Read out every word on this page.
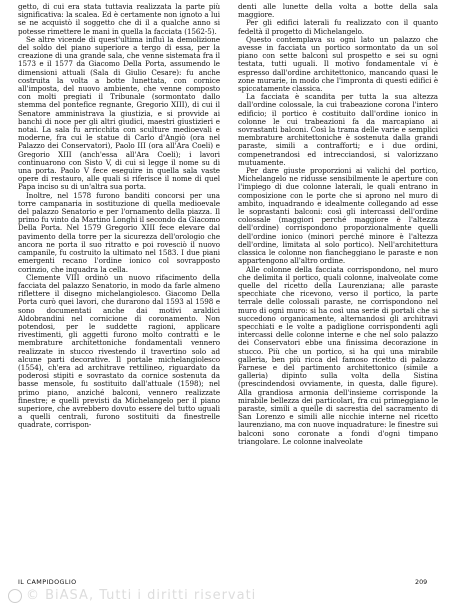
getto, di cui era stata tuttavia realizzata la parte più significativa: la scalea. Ed è certamente non ignoto a lui se ne acquistò il soggetto che di il a qualche anno si potesse rimettere le mani in quella la facciata (1562-5).

Se altre vicende di quest'ultima influì la demolizione del soldo del piano superiore a tergo di essa, per la creazione di una grande sala, che venne sistemata fra il 1573 e il 1577 da Giacomo Della Porta, assumendo le dimensioni attuali (Sala di Giulio Cesare): fu anche costruita la volta a botte lunettata, con cornice all'imposta, del nuovo ambiente, che venne composto con molti pregiati il Tribunale (sormontato dallo stemma del pontefice regnante, Gregorio XIII), di cui il Senatore amministrava la giustizia, e si provvide ai banchi di noce per gli altri giudici, maestri giustizieri e notai. La sala fu arricchita con sculture medioevali e moderne, fra cui le statue di Carlo d'Angiò (ora nel Palazzo dei Conservatori), Paolo III (ora all'Ara Coeli) e Gregorio XIII (anch'essa all'Ara Coeli); i lavori continuarono con Sisto V, di cui si legge il nome su di una porta. Paolo V fece eseguire in quella sala vaste opere di restauro, alle quali si riferisce il nome di quel Papa inciso su di un'altra sua porta.

Inoltre, nel 1578 furono banditi concorsi per una torre campanaria in sostituzione di quella medioevale del palazzo Senatorio e per l'ornamento della piazza. Il primo fu vinto da Martino Longhi il secondo da Giacomo Della Porta. Nel 1579 Gregorio XIII fece elevare dal pavimento della torre per la sicurezza dell'orologio che ancora ne porta il suo ritratto e poi rovesciò il nuovo campanile, fu costruito la ultimato nel 1583. I due piani emergenti recano l'ordine ionico col sovrapposto corinzio, che inquadra la cella.

Clemente VIII ordinò un nuovo rifacimento della facciata del palazzo Senatorio, in modo da farle almeno riflettere il disegno michelangiolesco. Giacomo Della Porta curò quei lavori, che durarono dal 1593 al 1598 e sono documentati anche dai motivi araldici Aldobrandini nel cornicione di coronamento. Non potendosi, per le suddette ragioni, applicare rivestimenti, gli aggetti furono molto contratti e le membrature architettoniche fondamentali vennero realizzate in stucco rivestendo il travertino solo ad alcune parti decorative. Il portale michelangiolesco (1554), ch'era ad architrave rettilineo, riguardato da poderosi stipiti e sovrastato da cornice sostenuta da basse mensole, fu sostituito dall'attuale (1598); nel primo piano, anziché balconi, vennero realizzate finestre; e quelli previsti da Michelangelo per il piano superiore, che avrebbero dovuto essere del tutto uguali a quelli centrali, furono sostituiti da finestrelle quadrate, corrispon-

denti alle lunette della volta a botte della sala maggiore.

Per gli edifici laterali fu realizzato con il quanto fedeltà il progetto di Michelangelo.

Questo contemplava su ogni lato un palazzo che avesse in facciata un portico sormontato da un sol piano con sette balconi sul prospetto e sei su ogni testata, tutti uguali. Il motivo fondamentale vi è espresso dall'ordine architettonico, mancando quasi le zone murarie, in modo che l'impronta di questi edifici è spiccatamente classica.

La facciata è scandita per tutta la sua altezza dall'ordine colossale, la cui trabeazione corona l'intero edificio; il portico è costituito dall'ordine ionico in colonne le cui trabeazioni fa da marcapiano ai sovrastanti balconi. Così la trama delle varie e semplici membrature architettoniche è sostenuta dalla grandi paraste, simili a contrafforti; e i due ordini, compenetrandosi ed intrecciandosi, si valorizzano mutuamente.

Per dare giuste proporzioni ai valichi del portico, Michelangelo ne ridusse sensibilmente le aperture con l'impiego di due colonne laterali, le quali entrano in composizione con le porte che si aprono nel muro di ambito, inquadrando e idealmente collegando ad esse le soprastanti balconi: così gli intercassi dell'ordine colossale (maggiori perché maggiore è l'altezza dell'ordine) corrispondono proporzionalmente quelli dell'ordine ionico (minori perché minore è l'altezza dell'ordine, limitata al solo portico). Nell'architettura classica le colonne non fiancheggiano le paraste e non appartengono all'altro ordine.

Alle colonne della facciata corrispondono, nel muro che delimita il portico, quali colonne, inalveolate come quelle del ricetto della Laurenziana; alle paraste specchiate che ricevono, verso il portico, la parte terrale delle colossali paraste, ne corrispondono nel muro di ogni muro: si ha così una serie di portali che si succedono organicamente, alternandosi gli architravi specchiati e le volte a padiglione corrispondenti agli intercassi delle colonne interne e che nel solo palazzo dei Conservatori ebbe una finissima decorazione in stucco. Più che un portico, si ha qui una mirabile galleria, ben più ricca del famoso ricetto di palazzo Farnese e del partimento architettonico (simile a galleria) dipinto sulla volta della Sistina (prescindendosi ovviamente, in questa, dalle figure). Alla grandiosa armonia dell'insieme corrisponde la mirabile bellezza dei particolari, fra cui primeggiano le paraste, simili a quelle di sacrestia del sacramento di San Lorenzo e simili alle nicchie interne nel ricetto laurenziano, ma con nuove inquadrature: le finestre sui balconi sono coronate a fondi d'ogni timpano triangolare. Le colonne inalveolate

IL CAMPIDOGLIO	209
© BiASA, Tutti i diritti riservati
